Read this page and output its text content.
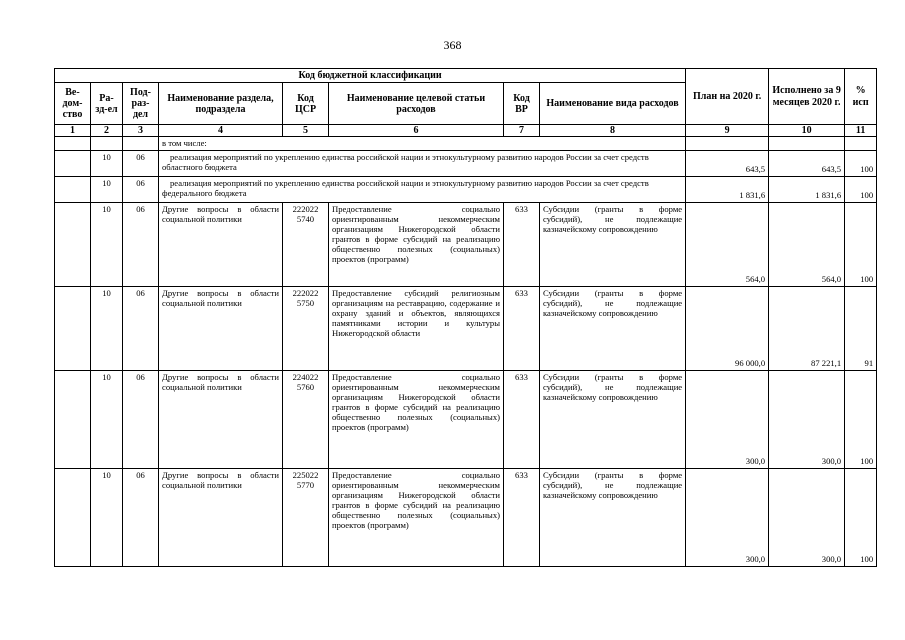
368
Код бюджетной классификации								План на 2020 г.	Исполнено за 9 месяцев 2020 г.	% исп
Ве-дом-ство	Ра-зд-ел	Под-раз-дел	Наименование раздела, подраздела	Код ЦСР	Наименование целевой статьи расходов	Код ВР	Наименование вида расходов			
1	2	3	4	5	6	7	8	9	10	11
			в том числе:							
	10	06	реализация мероприятий по укреплению единства российской нации и этнокультурному развитию народов России за счет средств областного бюджета					643,5	643,5	100
	10	06	реализация мероприятий по укреплению единства российской нации и этнокультурному развитию народов России за счет средств федерального бюджета					1 831,6	1 831,6	100
	10	06	Другие вопросы в области социальной политики	222022 5740	Предоставление социально ориентированным некоммерческим организациям Нижегородской области грантов в форме субсидий на реализацию общественно полезных (социальных) проектов (программ)	633	Субсидии (гранты в форме субсидий), не подлежащие казначейскому сопровождению	564,0	564,0	100
	10	06	Другие вопросы в области социальной политики	222022 5750	Предоставление субсидий религиозным организациям на реставрацию, содержание и охрану зданий и объектов, являющихся памятниками истории и культуры Нижегородской области	633	Субсидии (гранты в форме субсидий), не подлежащие казначейскому сопровождению	96 000,0	87 221,1	91
	10	06	Другие вопросы в области социальной политики	224022 5760	Предоставление социально ориентированным некоммерческим организациям Нижегородской области грантов в форме субсидий на реализацию общественно полезных (социальных) проектов (программ)	633	Субсидии (гранты в форме субсидий), не подлежащие казначейскому сопровождению	300,0	300,0	100
	10	06	Другие вопросы в области социальной политики	225022 5770	Предоставление социально ориентированным некоммерческим организациям Нижегородской области грантов в форме субсидий на реализацию общественно полезных (социальных) проектов (программ)	633	Субсидии (гранты в форме субсидий), не подлежащие казначейскому сопровождению	300,0	300,0	100
